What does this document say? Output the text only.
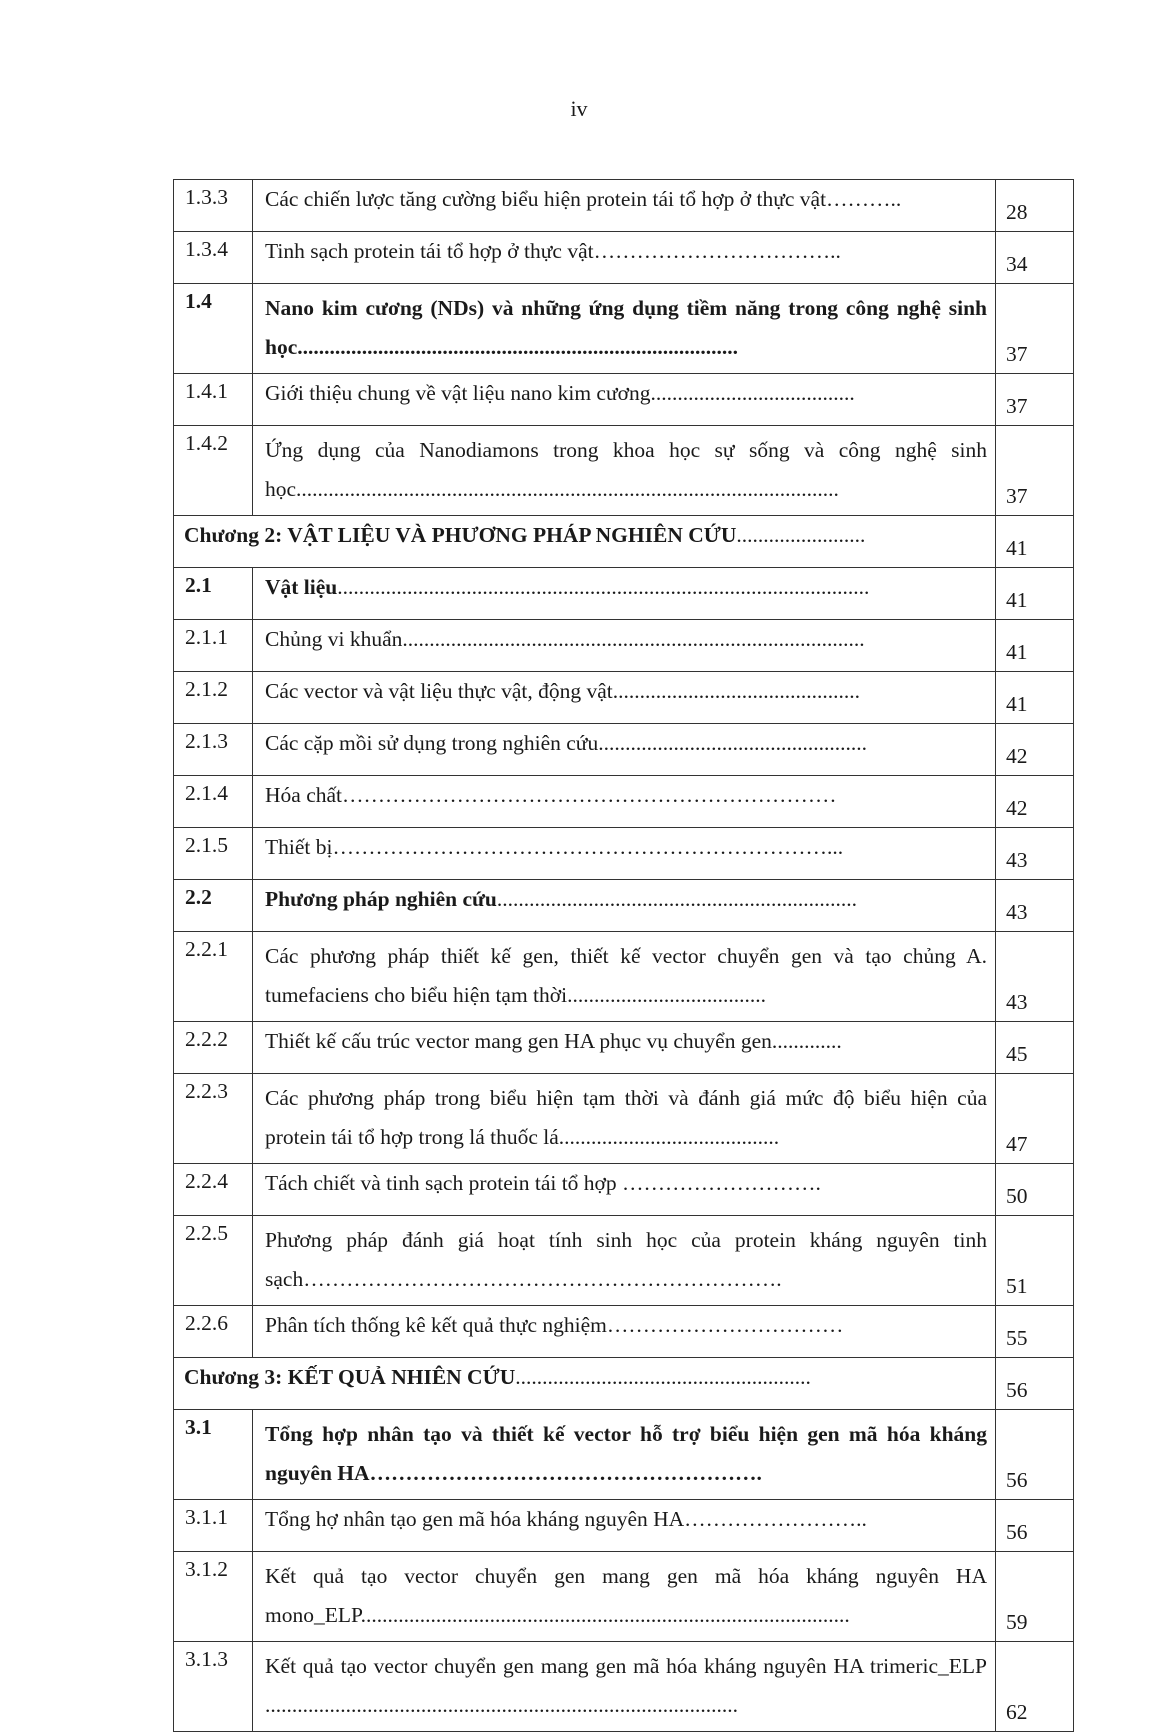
iv
1.3.3	Các chiến lược tăng cường biểu hiện protein tái tổ hợp ở thực vật………..	28
1.3.4	Tinh sạch protein tái tổ hợp ở thực vật……………………………..	34
1.4	Nano kim cương (NDs) và những ứng dụng tiềm năng trong công nghệ sinh học..................................................................................	37
1.4.1	Giới thiệu chung về vật liệu nano kim cương......................................	37
1.4.2	Ứng dụng của Nanodiamons trong khoa học sự sống và công nghệ sinh học.....................................................................................................	37
Chương 2: VẬT LIỆU VÀ PHƯƠNG PHÁP NGHIÊN CỨU........................		41
2.1	Vật liệu...................................................................................................	41
2.1.1	Chủng vi khuẩn......................................................................................	41
2.1.2	Các vector và vật liệu thực vật, động vật..............................................	41
2.1.3	Các cặp mồi sử dụng trong nghiên cứu..................................................	42
2.1.4	Hóa chất……………………………………………………………	42
2.1.5	Thiết bị……………………………………………………………...	43
2.2	Phương pháp nghiên cứu...................................................................	43
2.2.1	Các phương pháp thiết kế gen, thiết kế vector chuyển gen và tạo chủng A. tumefaciens cho biểu hiện tạm thời.....................................	43
2.2.2	Thiết kế cấu trúc vector mang gen HA phục vụ chuyển gen.............	45
2.2.3	Các phương pháp trong biểu hiện tạm thời và đánh giá mức độ biểu hiện của protein tái tổ hợp trong lá thuốc lá.........................................	47
2.2.4	Tách chiết và tinh sạch protein tái tổ hợp ……………………….	50
2.2.5	Phương pháp đánh giá hoạt tính sinh học của protein kháng nguyên tinh sạch………………………………………………………….	51
2.2.6	Phân tích thống kê kết quả thực nghiệm……………………………	55
Chương 3: KẾT QUẢ NHIÊN CỨU.......................................................		56
3.1	Tổng hợp nhân tạo và thiết kế vector hỗ trợ biểu hiện gen mã hóa kháng nguyên HA……………………………………………….	56
3.1.1	Tổng hợ nhân tạo gen mã hóa kháng nguyên HA……………………..	56
3.1.2	Kết quả tạo vector chuyển gen mang gen mã hóa kháng nguyên HA mono_ELP...........................................................................................	59
3.1.3	Kết quả tạo vector chuyển gen mang gen mã hóa kháng nguyên HA trimeric_ELP ........................................................................................	62
